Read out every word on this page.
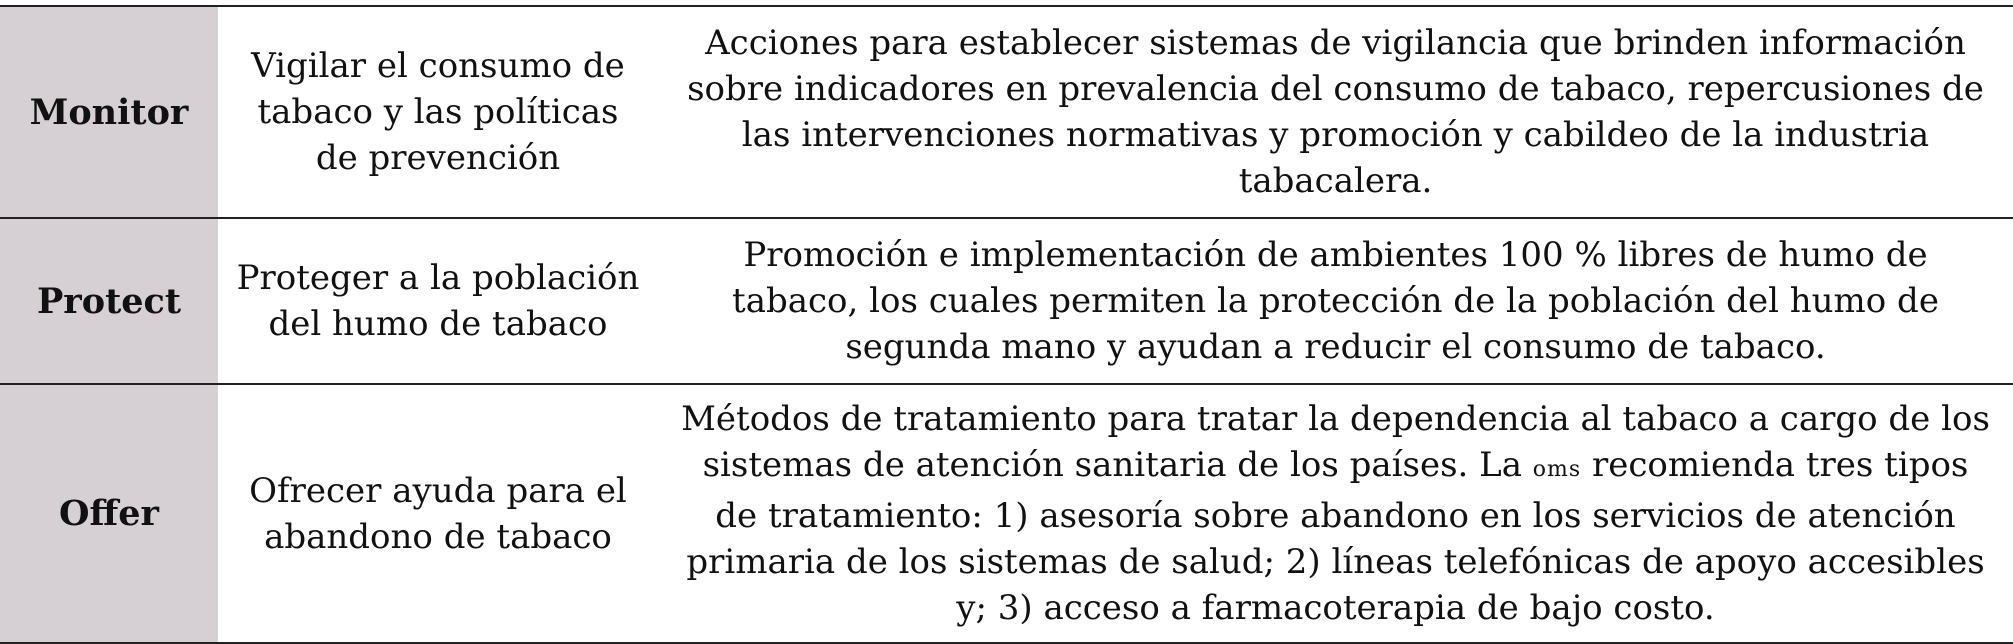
Monitor	Vigilar el consumo de tabaco y las políticas de prevención	Acciones para establecer sistemas de vigilancia que brinden información sobre indicadores en prevalencia del consumo de tabaco, repercusiones de las intervenciones normativas y promoción y cabildeo de la industria tabacalera.
Protect	Proteger a la población del humo de tabaco	Promoción e implementación de ambientes 100 % libres de humo de tabaco, los cuales permiten la protección de la población del humo de segunda mano y ayudan a reducir el consumo de tabaco.
Offer	Ofrecer ayuda para el abandono de tabaco	Métodos de tratamiento para tratar la dependencia al tabaco a cargo de los sistemas de atención sanitaria de los países. La oms recomienda tres tipos de tratamiento: 1) asesoría sobre abandono en los servicios de atención primaria de los sistemas de salud; 2) líneas telefónicas de apoyo accesibles y; 3) acceso a farmacoterapia de bajo costo.
